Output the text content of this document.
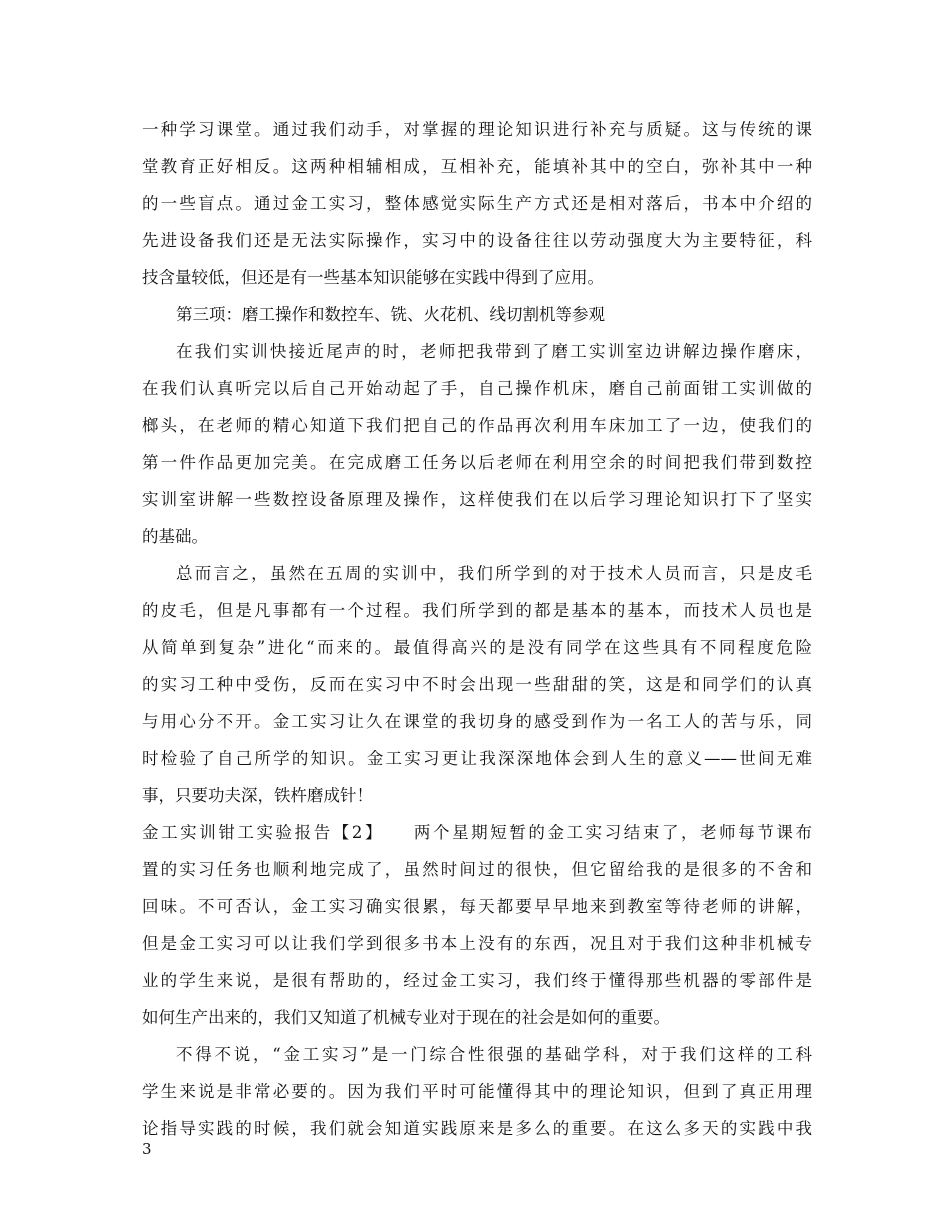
一种学习课堂。通过我们动手，对掌握的理论知识进行补充与质疑。这与传统的课
堂教育正好相反。这两种相辅相成，互相补充，能填补其中的空白，弥补其中一种
的一些盲点。通过金工实习，整体感觉实际生产方式还是相对落后，书本中介绍的
先进设备我们还是无法实际操作，实习中的设备往往以劳动强度大为主要特征，科
技含量较低，但还是有一些基本知识能够在实践中得到了应用。
第三项：磨工操作和数控车、铣、火花机、线切割机等参观
在我们实训快接近尾声的时，老师把我带到了磨工实训室边讲解边操作磨床，
在我们认真听完以后自己开始动起了手，自己操作机床，磨自己前面钳工实训做的
榔头，在老师的精心知道下我们把自己的作品再次利用车床加工了一边，使我们的
第一件作品更加完美。在完成磨工任务以后老师在利用空余的时间把我们带到数控
实训室讲解一些数控设备原理及操作，这样使我们在以后学习理论知识打下了坚实
的基础。
总而言之，虽然在五周的实训中，我们所学到的对于技术人员而言，只是皮毛
的皮毛，但是凡事都有一个过程。我们所学到的都是基本的基本，而技术人员也是
从简单到复杂”进化“而来的。最值得高兴的是没有同学在这些具有不同程度危险
的实习工种中受伤，反而在实习中不时会出现一些甜甜的笑，这是和同学们的认真
与用心分不开。金工实习让久在课堂的我切身的感受到作为一名工人的苦与乐，同
时检验了自己所学的知识。金工实习更让我深深地体会到人生的意义——世间无难
事，只要功夫深，铁杵磨成针！
金工实训钳工实验报告【2】　　两个星期短暂的金工实习结束了，老师每节课布
置的实习任务也顺利地完成了，虽然时间过的很快，但它留给我的是很多的不舍和
回味。不可否认，金工实习确实很累，每天都要早早地来到教室等待老师的讲解，
但是金工实习可以让我们学到很多书本上没有的东西，况且对于我们这种非机械专
业的学生来说，是很有帮助的，经过金工实习，我们终于懂得那些机器的零部件是
如何生产出来的，我们又知道了机械专业对于现在的社会是如何的重要。
不得不说，“金工实习”是一门综合性很强的基础学科，对于我们这样的工科
学生来说是非常必要的。因为我们平时可能懂得其中的理论知识，但到了真正用理
论指导实践的时候，我们就会知道实践原来是多么的重要。在这么多天的实践中我
3
